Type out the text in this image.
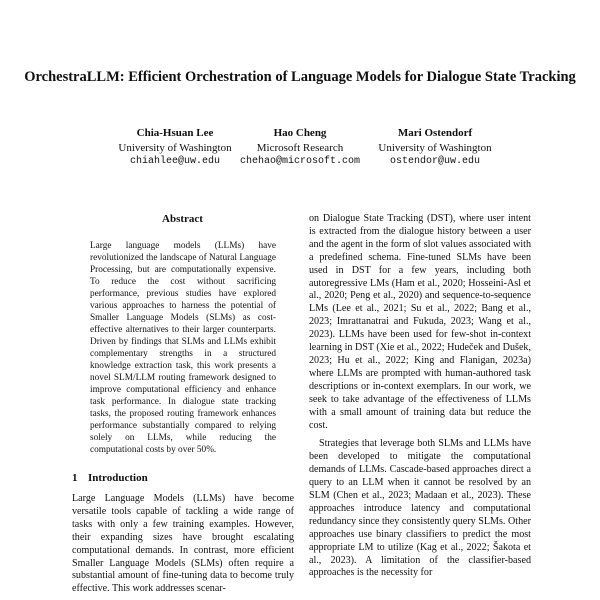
OrchestraLLM: Efficient Orchestration of Language Models for Dialogue State Tracking
Chia-Hsuan Lee
University of Washington
chiahlee@uw.edu
Hao Cheng
Microsoft Research
chehao@microsoft.com
Mari Ostendorf
University of Washington
ostendor@uw.edu
Abstract
Large language models (LLMs) have revolutionized the landscape of Natural Language Processing, but are computationally expensive. To reduce the cost without sacrificing performance, previous studies have explored various approaches to harness the potential of Smaller Language Models (SLMs) as cost-effective alternatives to their larger counterparts. Driven by findings that SLMs and LLMs exhibit complementary strengths in a structured knowledge extraction task, this work presents a novel SLM/LLM routing framework designed to improve computational efficiency and enhance task performance. In dialogue state tracking tasks, the proposed routing framework enhances performance substantially compared to relying solely on LLMs, while reducing the computational costs by over 50%.
1 Introduction
Large Language Models (LLMs) have become versatile tools capable of tackling a wide range of tasks with only a few training examples. However, their expanding sizes have brought escalating computational demands. In contrast, more efficient Smaller Language Models (SLMs) often require a substantial amount of fine-tuning data to become truly effective. This work addresses scenar-

on Dialogue State Tracking (DST), where user intent is extracted from the dialogue history between a user and the agent in the form of slot values associated with a predefined schema. Fine-tuned SLMs have been used in DST for a few years, including both autoregressive LMs (Ham et al., 2020; Hosseini-Asl et al., 2020; Peng et al., 2020) and sequence-to-sequence LMs (Lee et al., 2021; Su et al., 2022; Bang et al., 2023; Imrattanatrai and Fukuda, 2023; Wang et al., 2023). LLMs have been used for few-shot in-context learning in DST (Xie et al., 2022; Hudeček and Dušek, 2023; Hu et al., 2022; King and Flanigan, 2023a) where LLMs are prompted with human-authored task descriptions or in-context exemplars. In our work, we seek to take advantage of the effectiveness of LLMs with a small amount of training data but reduce the cost.

Strategies that leverage both SLMs and LLMs have been developed to mitigate the computational demands of LLMs. Cascade-based approaches direct a query to an LLM when it cannot be resolved by an SLM (Chen et al., 2023; Madaan et al., 2023). These approaches introduce latency and computational redundancy since they consistently query SLMs. Other approaches use binary classifiers to predict the most appropriate LM to utilize (Kag et al., 2022; Šakota et al., 2023). A limitation of the classifier-based approaches is the necessity for
